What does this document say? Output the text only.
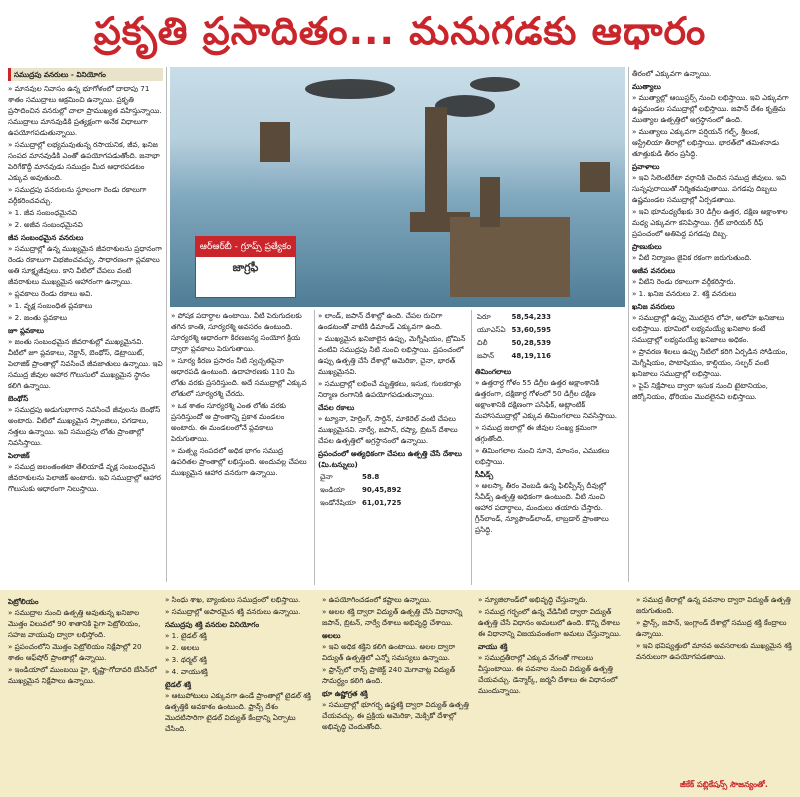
ప్రకృతి ప్రసాదితం... మనుగడకు ఆధారం
సముద్రపు వనరులు - వినియోగం
» మానవుల నివాసం ఉన్న భూగోళంలో దాదాపు 71 శాతం సముద్రాలు ఆక్రమించి ఉన్నాయి. ప్రకృతి ప్రసాదించిన వనరుల్లో చాలా ప్రాముఖ్యత వహిస్తున్నాయి. సముద్రాలు మానవుడికి ప్రత్యక్షంగా అనేక విధాలుగా ఉపయోగపడుతున్నాయి.
» సముద్రాల్లో లభ్యమవుతున్న రసాయనిక, జీవ, ఖనిజ సంపద మానవుడికి ఎంతో ఉపయోగపడుతోంది. జనాభా పెరిగేకొద్దీ మానవుడు సముద్రం మీద ఆధారపడటం ఎక్కువ అవుతుంది.
» సముద్రపు వనరులను స్థూలంగా రెండు రకాలుగా వర్గీకరించవచ్చు.
» 1. జీవ సంబంధమైనవి
» 2. అజీవ సంబంధమైనవి
జీవ సంబంధమైన వనరులు
» సముద్రాల్లో ఉన్న ముఖ్యమైన జీవరాశులను ప్రధానంగా రెండు రకాలుగా విభజించవచ్చు. సాధారణంగా ప్లవకాలు అతి సూక్ష్మజీవులు. కాని వీటిలో చేపలు వంటి జీవరాశులు ముఖ్యమైన ఆహారంగా ఉన్నాయి.
» ప్లవకాలు రెండు రకాలు అవి.
» 1. వృక్ష సంబంధిత ప్లవకాలు
» 2. జంతు ప్లవకాలు
జూ ప్లవకాలు
» జంతు సంబంధమైన జీవరాశుల్లో ముఖ్యమైనవి. వీటిలో జూ ప్లవకాలు, నెక్టాన్, బెంథోస్, డెట్రాయిట్, పెలాజిక్ ప్రాంతాల్లో నివసించే జీవజాతులు ఉన్నాయి. ఇవి సముద్ర జీవుల ఆహార గొలుసులో ముఖ్యమైన స్థానం కలిగి ఉన్నాయి.
బెంథోస్
» సముద్రపు అడుగుభాగాన నివసించే జీవులను బెంథోస్ అంటారు. వీటిలో ముఖ్యమైన స్పాంజిలు, పగడాలు, నత్తలు ఉన్నాయి. ఇవి సముద్రపు లోతు ప్రాంతాల్లో నివసిస్తాయి.
పెలాజిక్
» సముద్ర జలంతంతటా తేలియాడే వృక్ష సంబంధమైన జీవరాశులను పెలాజిక్ అంటారు. ఇవి సముద్రాల్లో ఆహార గొలుసుకు ఆధారంగా నిలుస్తాయి.
ఆర్ఆర్‌బీ - గ్రూప్స్ ప్రత్యేకం
జాగ్రఫీ
» పోషక పదార్థాల ఉంటాయి. వీటి పెరుగుదలకు తగిన కాంతి, సూర్యరశ్మి అవసరం ఉంటుంది. సూర్యరశ్మి ఆధారంగా కిరణజన్య సంయోగ క్రియ ద్వారా ప్లవకాలు పెరుగుతాయి.
» సూర్య కిరణ ప్రసారం నీటి స్వచ్ఛతపైనా ఆధారపడి ఉంటుంది. ఉదాహరణకు 110 మీ లోతు వరకు ప్రసరిస్తుంది. అదే సముద్రాల్లో ఎక్కువ లోతులో సూర్యరశ్మి చేరదు.
» ఒక శాతం సూర్యరశ్మి ఎంత లోతు వరకు ప్రసరిస్తుందో ఆ ప్రాంతాన్ని ప్రకాశ మండలం అంటారు. ఈ మండలంలోనే ప్లవకాలు పెరుగుతాయి.
» మత్స్య సంపదలో అధిక భాగం సముద్ర ఉపరితల ప్రాంతాల్లో లభిస్తుంది. అందువల్ల చేపలు ముఖ్యమైన ఆహార వనరుగా ఉన్నాయి.
» లాండ్, జపాన్ దేశాల్లో ఉంది. చేపల రుచిగా ఉండటంతో వాటికి డిమాండ్ ఎక్కువగా ఉంది.
» ముఖ్యమైన ఖనిజాలైన ఉప్పు, మెగ్నీషియం, బ్రోమిన్ వంటివి సముద్రపు నీటి నుంచి లభిస్తాయి. ప్రపంచంలో ఉప్పు ఉత్పత్తి చేసే దేశాల్లో అమెరికా, చైనా, భారత్ ముఖ్యమైనవి.
» సముద్రాల్లో లభించే మృత్తికలు, ఇసుక, గులకరాళ్లు నిర్మాణ రంగానికి ఉపయోగపడుతున్నాయి.
చేపల రకాలు
» ట్యూనా, హెర్రింగ్, సార్డిన్, మాకెరెల్ వంటి చేపలు ముఖ్యమైనవి. నార్వే, జపాన్, రష్యా, బ్రిటన్ దేశాలు చేపల ఉత్పత్తిలో అగ్రస్థానంలో ఉన్నాయి.
ప్రపంచంలో అత్యధికంగా చేపలు ఉత్పత్తి చేసే దేశాలు (మి.టన్నులు)
చైనా	58.8
ఇండియా	90,45,892
ఇండోనేషియా	61,01,725
పెరూ	58,54,233
యూఎస్ఏ	53,60,595
చిలీ	50,28,539
జపాన్	48,19,116
తిమింగలాలు
» ఉత్తరార్ధ గోళం 55 డిగ్రీల ఉత్తర అక్షాంశానికి ఉత్తరంగా, దక్షిణార్ధ గోళంలో 50 డిగ్రీల దక్షిణ అక్షాంశానికి దక్షిణంగా పసిఫిక్, అట్లాంటిక్ మహాసముద్రాల్లో ఎక్కువ తిమింగలాలు నివసిస్తాయి.
» సముద్ర జలాల్లో ఈ జీవుల సంఖ్య క్రమంగా తగ్గుతోంది.
» తిమింగలాల నుంచి నూనె, మాంసం, ఎముకలు లభిస్తాయి.
సీవీడ్స్
» అలస్కా తీరం వెంబడి ఉన్న ఫిలిప్పీన్స్ దీవుల్లో సీవీడ్స్ ఉత్పత్తి అధికంగా ఉంటుంది. వీటి నుంచి ఆహార పదార్థాలు, మందులు తయారు చేస్తారు. గ్రీన్‌లాండ్, న్యూఫౌండ్‌లాండ్, లాబ్రడార్ ప్రాంతాలు ప్రసిద్ధి.
తీరంలో ఎక్కువగా ఉన్నాయి.
ముత్యాలు
» ముత్యాల్లో ఆయిస్టర్స్ నుంచి లభిస్తాయి. ఇవి ఎక్కువగా ఉష్ణమండల సముద్రాల్లో లభిస్తాయి. జపాన్ దేశం కృత్రిమ ముత్యాల ఉత్పత్తిలో అగ్రస్థానంలో ఉంది.
» ముత్యాలు ఎక్కువగా పర్షియన్ గల్ఫ్, శ్రీలంక, ఆస్ట్రేలియా తీరాల్లో లభిస్తాయి. భారత్‌లో తమిళనాడు తూత్తుకుడి తీరం ప్రసిద్ధి.
ప్రవాళాలు
» ఇవి సిలెంటిరేటా వర్గానికి చెందిన సముద్ర జీవులు. ఇవి సున్నపురాయితో నిర్మితమవుతాయి. పగడపు దిబ్బలు ఉష్ణమండల సముద్రాల్లో ఏర్పడతాయి.
» ఇవి భూమధ్యరేఖకు 30 డిగ్రీల ఉత్తర, దక్షిణ అక్షాంశాల మధ్య ఎక్కువగా కనిపిస్తాయి. గ్రేట్ బారియర్ రీఫ్ ప్రపంచంలో అతిపెద్ద పగడపు దిబ్బ.
ప్రాణుకులు
» వీటి నిర్మాణం జైవిక రకంగా జరుగుతుంది.
అజీవ వనరులు
» వీటిని రెండు రకాలుగా వర్గీకరిస్తారు.
» 1. ఖనిజ వనరులు 2. శక్తి వనరులు
ఖనిజ వనరులు
» సముద్రాల్లో ఉప్పు మొదలైన లోహ, అలోహ ఖనిజాలు లభిస్తాయి. భూమిలో లభ్యమయ్యే ఖనిజాల కంటే సముద్రాల్లో లభ్యమయ్యే ఖనిజాలు అధికం.
» ప్రావరణ శిలలు ఉప్పు నీటిలో కరిగి ఏర్పడిన సోడియం, మెగ్నీషియం, పొటాషియం, కాల్షియం, సల్ఫర్ వంటి ఖనిజాలు సముద్రాల్లో లభిస్తాయి.
» పైప్ నిక్షేపాలు ద్వారా ఇసుక నుంచి టైటానియం, జిర్కోనియం, థోరియం మొదలైనవి లభిస్తాయి.
పెట్రోలియం
» సముద్రాల నుంచి ఉత్పత్తి అవుతున్న ఖనిజాల మొత్తం విలువలో 90 శాతానికి పైగా పెట్రోలియం, సహజ వాయువు ద్వారా లభిస్తోంది.
» ప్రపంచంలోని మొత్తం పెట్రోలియం నిక్షేపాల్లో 20 శాతం ఆఫ్‌షోర్ ప్రాంతాల్లో ఉన్నాయి.
» ఇండియాలో ముంబయి హై, కృష్ణా-గోదావరి బేసిన్‌లో ముఖ్యమైన నిక్షేపాలు ఉన్నాయి.
» సింధు శాఖ, బ్యాంకులు సముద్రంలో లభిస్తాయి.
» సముద్రాల్లో అపారమైన శక్తి వనరులు ఉన్నాయి.
సముద్రపు శక్తి వనరుల వినియోగం
» 1. టైడల్ శక్తి
» 2. అలలు
» 3. థర్మల్ శక్తి
» 4. వాయుశక్తి
టైడల్ శక్తి
» ఆటుపోటులు ఎక్కువగా ఉండే ప్రాంతాల్లో టైడల్ శక్తి ఉత్పత్తికి అవకాశం ఉంటుంది. ఫ్రాన్స్ దేశం మొదటిసారిగా టైడల్ విద్యుత్ కేంద్రాన్ని ఏర్పాటు చేసింది.
» ఉపయోగించడంలో కష్టాలు ఉన్నాయి.
» అలల శక్తి ద్వారా విద్యుత్ ఉత్పత్తి చేసే విధానాన్ని జపాన్, బ్రిటన్, నార్వే దేశాలు అభివృద్ధి చేశాయి.
అలలు
» ఇవి అధిక శక్తిని కలిగి ఉంటాయి. అలల ద్వారా విద్యుత్ ఉత్పత్తిలో ఎన్నో సమస్యలు ఉన్నాయి.
» ఫ్రాన్స్‌లో రాన్స్ ప్రాజెక్ట్ 240 మెగావాట్ల విద్యుత్ సామర్థ్యం కలిగి ఉంది.
భూ ఉష్ణోగ్రత శక్తి
» సముద్రాల్లో భూగర్భ ఉష్ణశక్తి ద్వారా విద్యుత్ ఉత్పత్తి చేయవచ్చు. ఈ ప్రక్రియ అమెరికా, మెక్సికో దేశాల్లో అభివృద్ధి చెందుతోంది.
» న్యూజిలాండ్‌లో అభివృద్ధి చేస్తున్నారు.
» సముద్ర గర్భంలో ఉన్న వేడినీటి ద్వారా విద్యుత్ ఉత్పత్తి చేసే విధానం అమలులో ఉంది. కొన్ని దేశాలు ఈ విధానాన్ని విజయవంతంగా అమలు చేస్తున్నాయి.
వాయు శక్తి
» సముద్రతీరాల్లో ఎక్కువ వేగంతో గాలులు వీస్తుంటాయి. ఈ పవనాల నుంచి విద్యుత్ ఉత్పత్తి చేయవచ్చు. డెన్మార్క్, జర్మనీ దేశాలు ఈ విధానంలో ముందున్నాయి.
» సముద్ర తీరాల్లో ఉన్న పవనాల ద్వారా విద్యుత్ ఉత్పత్తి జరుగుతుంది.
» ఫ్రాన్స్, జపాన్, ఇంగ్లాండ్ దేశాల్లో సముద్ర శక్తి కేంద్రాలు ఉన్నాయి.
» ఇవి భవిష్యత్తులో మానవ అవసరాలకు ముఖ్యమైన శక్తి వనరులుగా ఉపయోగపడతాయి.
జీకేక్ పబ్లికేషన్స్ సౌజన్యంతో.
